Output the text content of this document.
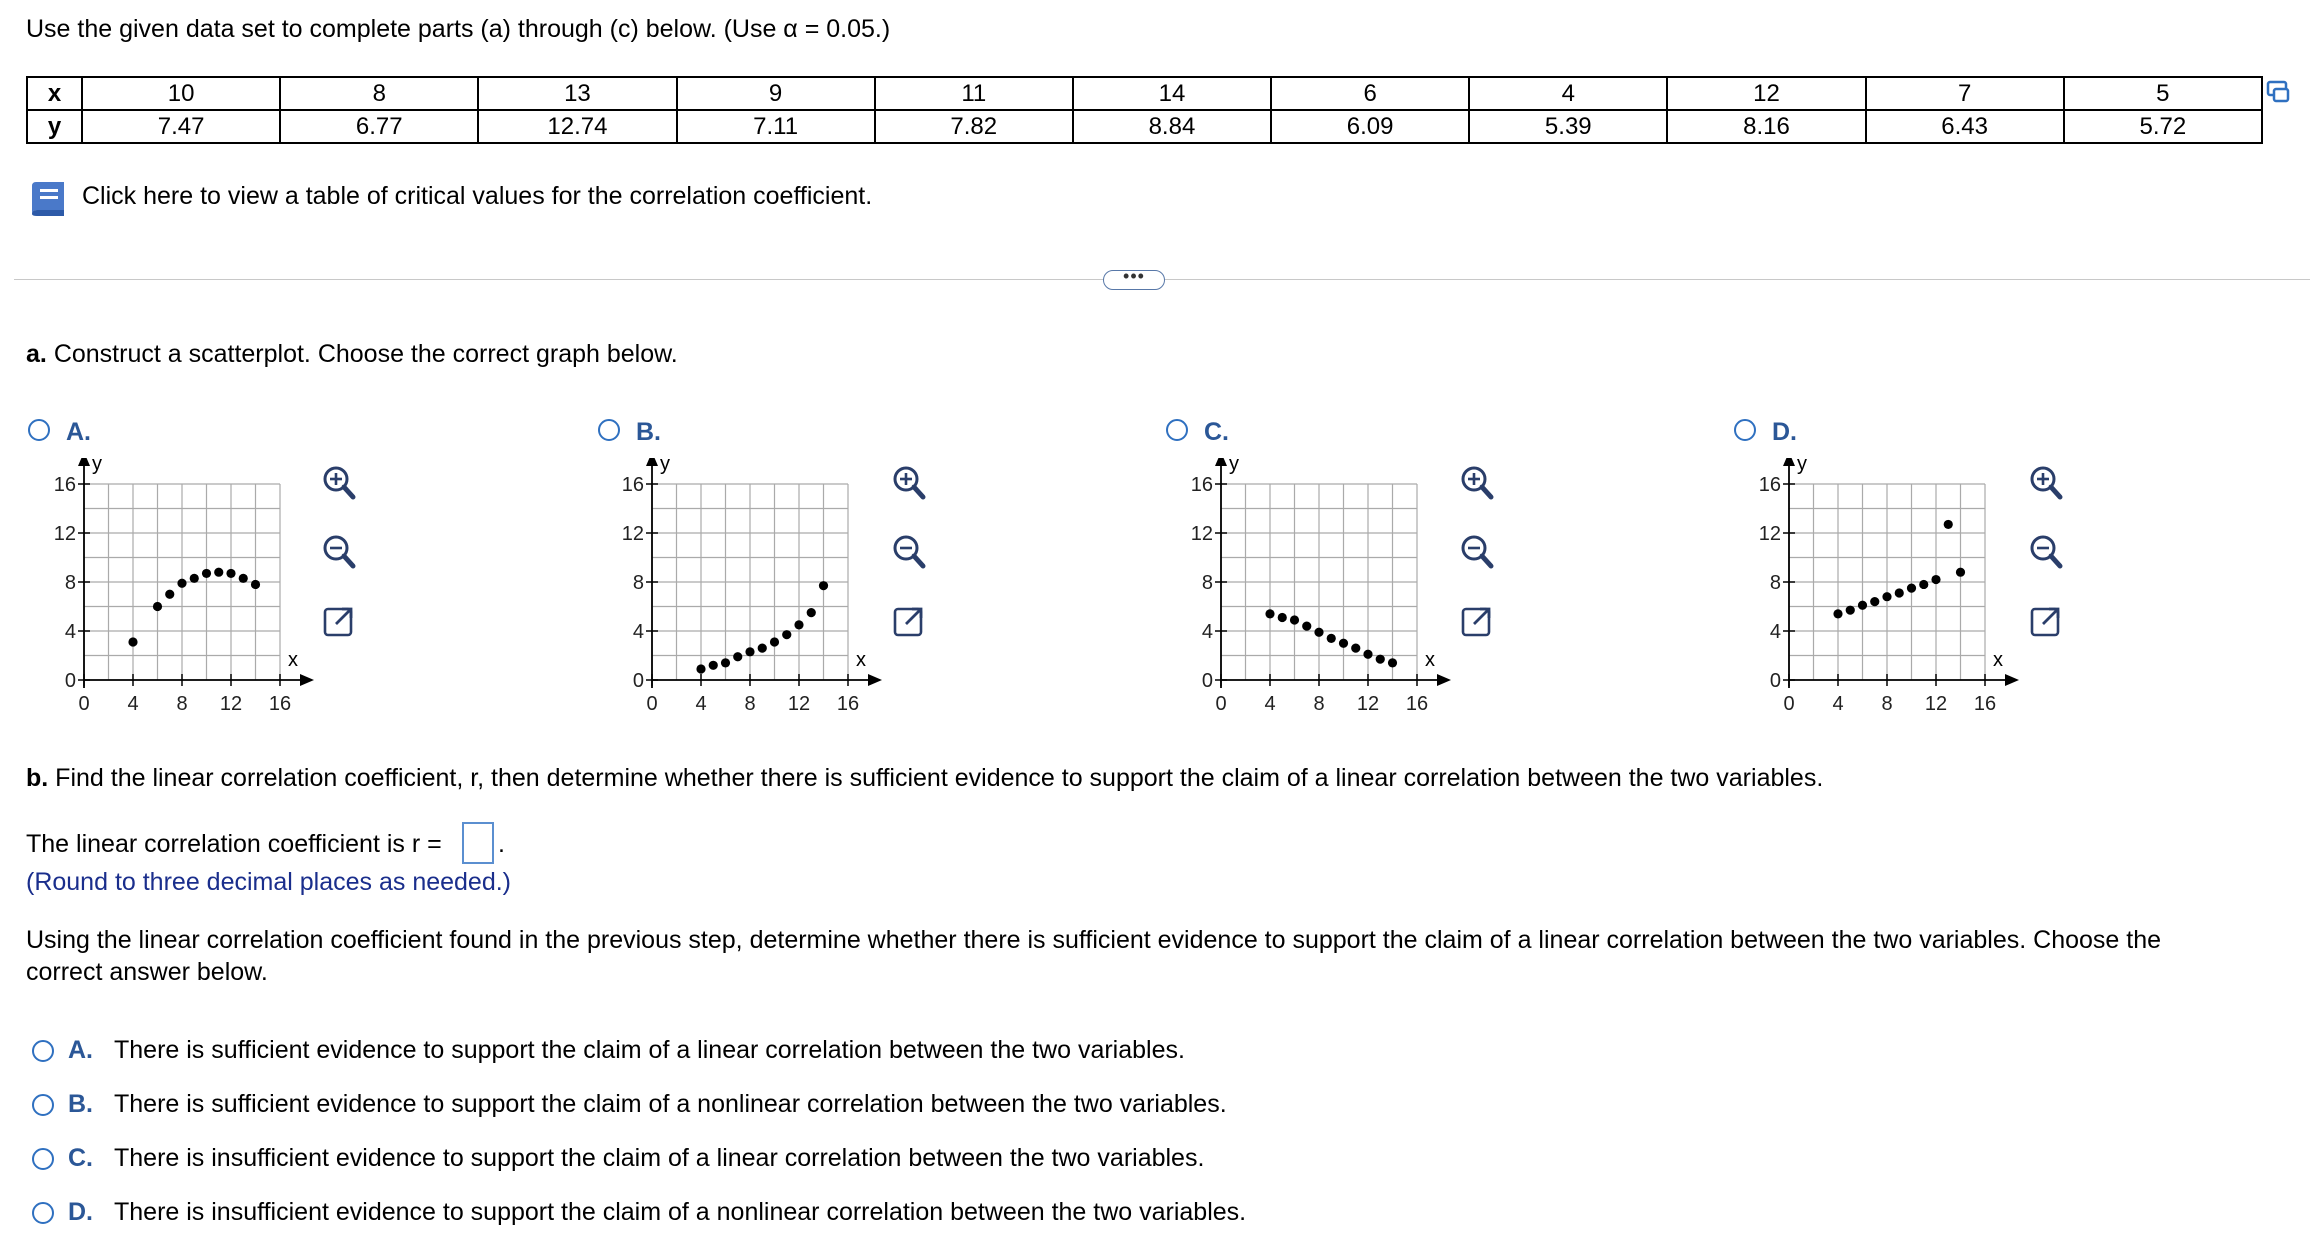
Use the given data set to complete parts (a) through (c) below. (Use α = 0.05.)
x	10	8	13	9	11	14	6	4	12	7	5
y	7.47	6.77	12.74	7.11	7.82	8.84	6.09	5.39	8.16	6.43	5.72
Click here to view a table of critical values for the correlation coefficient.
•••
a. Construct a scatterplot. Choose the correct graph below.
A.	B.	C.	D.
y
x
16
12
8
4
0
0 4 8 12 16
y
x
16
12
8
4
0
0 4 8 12 16
y
x
16
12
8
4
0
0 4 8 12 16
y
x
16
12
8
4
0
0 4 8 12 16
b. Find the linear correlation coefficient, r, then determine whether there is sufficient evidence to support the claim of a linear correlation between the two variables.
The linear correlation coefficient is r = .
(Round to three decimal places as needed.)
Using the linear correlation coefficient found in the previous step, determine whether there is sufficient evidence to support the claim of a linear correlation between the two variables. Choose the
correct answer below.
A. There is sufficient evidence to support the claim of a linear correlation between the two variables.
B. There is sufficient evidence to support the claim of a nonlinear correlation between the two variables.
C. There is insufficient evidence to support the claim of a linear correlation between the two variables.
D. There is insufficient evidence to support the claim of a nonlinear correlation between the two variables.
